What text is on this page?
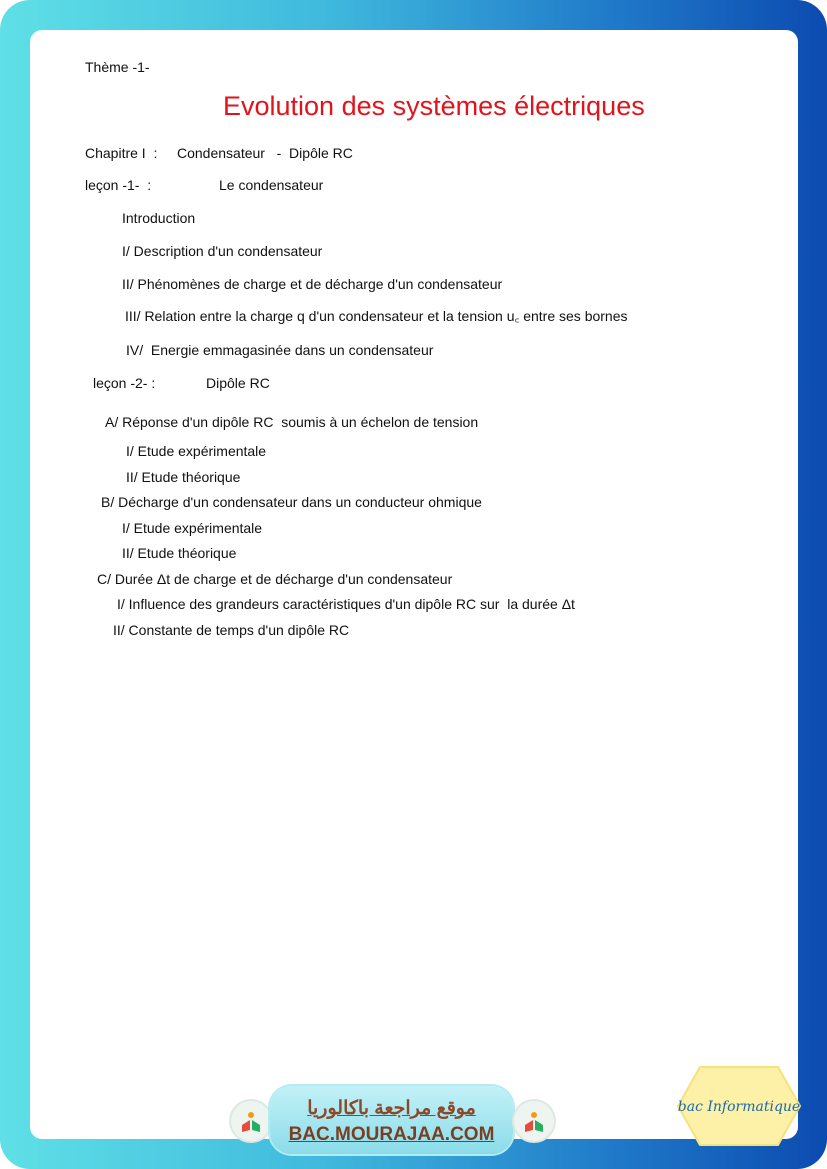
Thème -1-
Evolution des systèmes électriques
Chapitre I  : Condensateur   -  Dipôle RC
leçon -1-  :	Le condensateur
Introduction
I/ Description d'un condensateur
II/ Phénomènes de charge et de décharge d'un condensateur
III/ Relation entre la charge q d'un condensateur et la tension u꜀ entre ses bornes
IV/  Energie emmagasinée dans un condensateur
leçon -2- :	Dipôle RC
A/ Réponse d'un dipôle RC  soumis à un échelon de tension
I/ Etude expérimentale
II/ Etude théorique
B/ Décharge d'un condensateur dans un conducteur ohmique
I/ Etude expérimentale
II/ Etude théorique
C/ Durée Δt de charge et de décharge d'un condensateur
I/ Influence des grandeurs caractéristiques d'un dipôle RC sur  la durée Δt
II/ Constante de temps d'un dipôle RC
موقع مراجعة باكالوريا
BAC.MOURAJAA.COM
bac Informatique
